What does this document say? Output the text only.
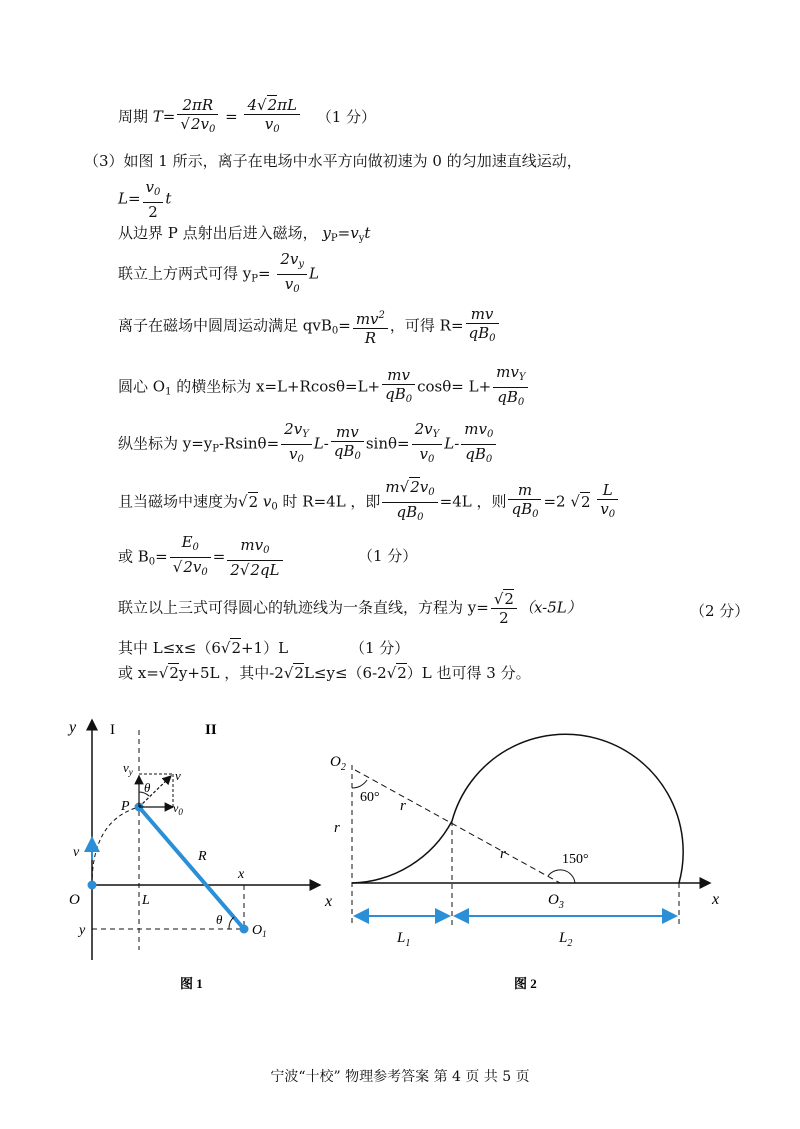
周期 $T= \frac{2\pi R}{√2v_0} = \frac{4√2\pi L}{v_0} (1$ 分）
（3）如图 1 所示，离子在电场中水平方向做初速为 0 的匀加速直线运动，
$L= \frac{v_0}{2}$ t
从边界 P 点射出后进入磁场， $y_P=v_yt$
联立上方两式可得 $y_P= \frac{2v_y}{v_0}$ L
离子在磁场中圆周运动满足 $qvB_0= \frac{mv^2}{R}$ ，可得 $R= \frac{mv}{qB_0}$
圆心 $O_1$ 的横坐标为 $x=L+Rcos\theta=L+ \frac{mv}{qB_0} \cos\theta= L+ \frac{mv_Y}{qB_0}$
纵坐标为 $y=y_P-Rsin\theta= \frac{2v_Y}{v_0} L- \frac{mv}{qB_0} \sin\theta= \frac{2v_Y}{v_0} L- \frac{mv_0}{qB_0}$
且当磁场中速度为√2 $v_0$ 时 R=4L ，即 $\frac{m√2v_0}{qB_0} =4L$ ，则 $\frac{m}{qB_0} =2$ $√2 \frac{L}{v_0}$
或 $B_0= \frac{E_0}{√2v_0} = \frac{mv_0}{2√2qL}$	（1 分）
联立以上三式可得圆心的轨迹线为一条直线，方程为 $y= \frac{√2}{2} (x-5L)$	（2 分）
其中 L≤x≤（6√2+1）L	（1 分）
或 x=√2y+5L ，其中-2√2L≤y≤（6-2√2）L 也可得 3 分。
y
x
I	II
$v_y$	v
θ
P	$v_0$
v
O	L
R
x
y
θ
$O_1$
图 1
$O_2$
60°
r
r
r	150°
$O_3$	x
$L_1$	$L_2$
图 2
宁波“十校” 物理参考答案 第 4 页 共 5 页
